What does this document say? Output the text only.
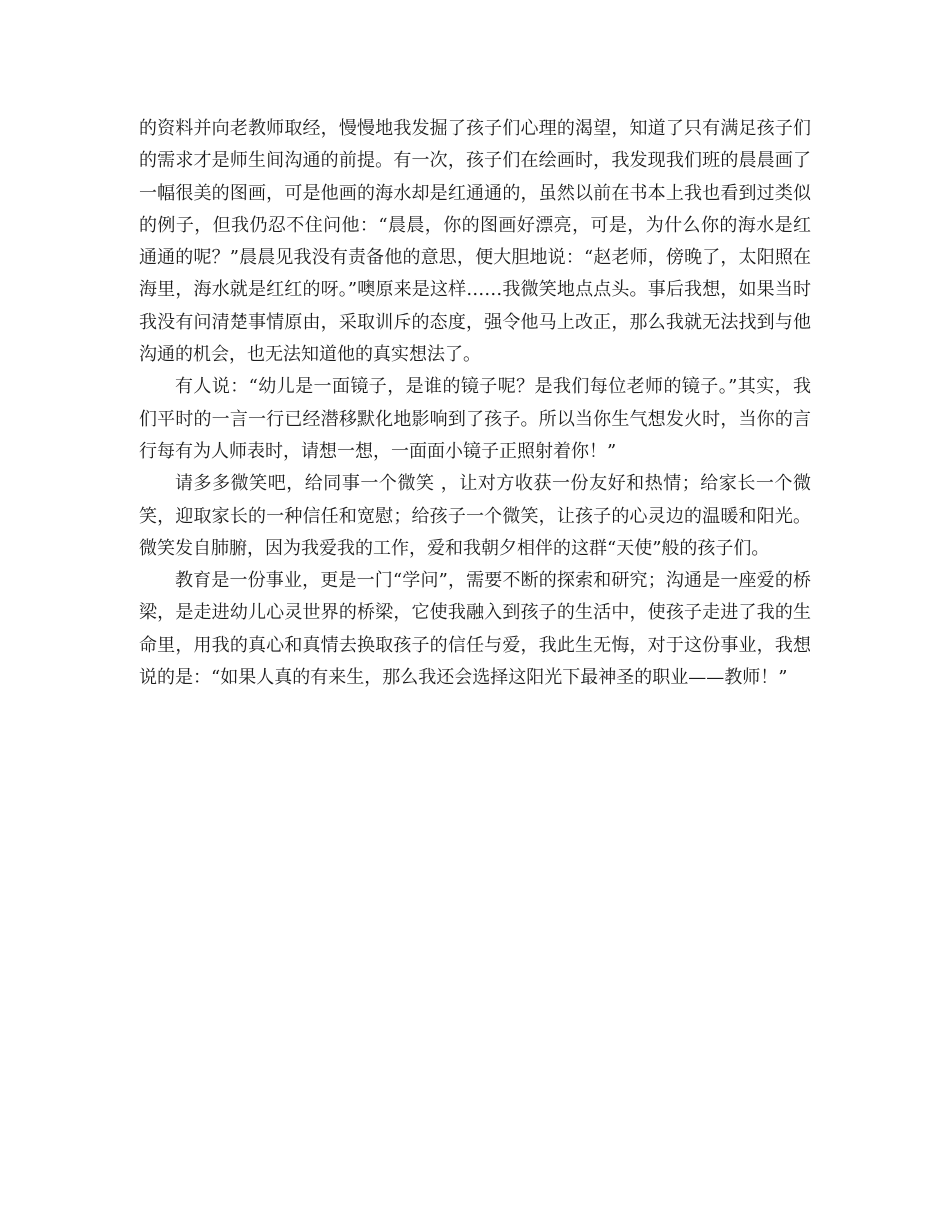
的资料并向老教师取经，慢慢地我发掘了孩子们心理的渴望，知道了只有满足孩子们的需求才是师生间沟通的前提。有一次，孩子们在绘画时，我发现我们班的晨晨画了一幅很美的图画，可是他画的海水却是红通通的，虽然以前在书本上我也看到过类似的例子，但我仍忍不住问他：“晨晨，你的图画好漂亮，可是，为什么你的海水是红通通的呢？”晨晨见我没有责备他的意思，便大胆地说：“赵老师，傍晚了，太阳照在海里，海水就是红红的呀。”噢原来是这样……我微笑地点点头。事后我想，如果当时我没有问清楚事情原由，采取训斥的态度，强令他马上改正，那么我就无法找到与他沟通的机会，也无法知道他的真实想法了。

有人说：“幼儿是一面镜子，是谁的镜子呢？是我们每位老师的镜子。”其实，我们平时的一言一行已经潜移默化地影响到了孩子。所以当你生气想发火时，当你的言行每有为人师表时，请想一想，一面面小镜子正照射着你！”

请多多微笑吧，给同事一个微笑 ，让对方收获一份友好和热情；给家长一个微笑，迎取家长的一种信任和宽慰；给孩子一个微笑，让孩子的心灵边的温暖和阳光。微笑发自肺腑，因为我爱我的工作，爱和我朝夕相伴的这群“天使”般的孩子们。

教育是一份事业，更是一门“学问”，需要不断的探索和研究；沟通是一座爱的桥梁，是走进幼儿心灵世界的桥梁，它使我融入到孩子的生活中，使孩子走进了我的生命里，用我的真心和真情去换取孩子的信任与爱，我此生无悔，对于这份事业，我想说的是：“如果人真的有来生，那么我还会选择这阳光下最神圣的职业——教师！”
